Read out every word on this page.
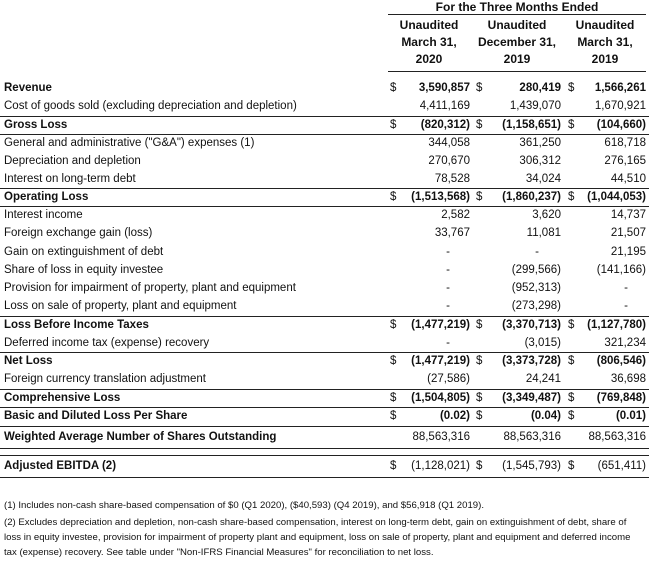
For the Three Months Ended
Unaudited
March 31,
2020
Unaudited
December 31,
2019
Unaudited
March 31,
2019
Revenue	$	3,590,857 $	280,419 $	1,566,261
Cost of goods sold (excluding depreciation and depletion)	4,411,169	1,439,070	1,670,921
Gross Loss	$	(820,312) $	(1,158,651) $	(104,660)
General and administrative ("G&A") expenses (1)	344,058	361,250	618,718
Depreciation and depletion	270,670	306,312	276,165
Interest on long-term debt	78,528	34,024	44,510
Operating Loss	$	(1,513,568) $	(1,860,237) $	(1,044,053)
Interest income	2,582	3,620	14,737
Foreign exchange gain (loss)	33,767	11,081	21,507
Gain on extinguishment of debt	-	-	21,195
Share of loss in equity investee	-	(299,566)	(141,166)
Provision for impairment of property, plant and equipment	-	(952,313)	-
Loss on sale of property, plant and equipment	-	(273,298)	-
Loss Before Income Taxes	$	(1,477,219) $	(3,370,713) $	(1,127,780)
Deferred income tax (expense) recovery	-	(3,015)	321,234
Net Loss	$	(1,477,219) $	(3,373,728) $	(806,546)
Foreign currency translation adjustment	(27,586)	24,241	36,698
Comprehensive Loss	$	(1,504,805) $	(3,349,487) $	(769,848)
Basic and Diluted Loss Per Share	$	(0.02) $	(0.04) $	(0.01)
Weighted Average Number of Shares Outstanding	88,563,316	88,563,316	88,563,316
Adjusted EBITDA (2)	$	(1,128,021) $	(1,545,793) $	(651,411)
(1) Includes non-cash share-based compensation of $0 (Q1 2020), ($40,593) (Q4 2019), and $56,918 (Q1 2019).
(2) Excludes depreciation and depletion, non-cash share-based compensation, interest on long-term debt, gain on extinguishment of debt, share of loss in equity investee, provision for impairment of property plant and equipment, loss on sale of property, plant and equipment and deferred income tax (expense) recovery. See table under "Non-IFRS Financial Measures" for reconciliation to net loss.
